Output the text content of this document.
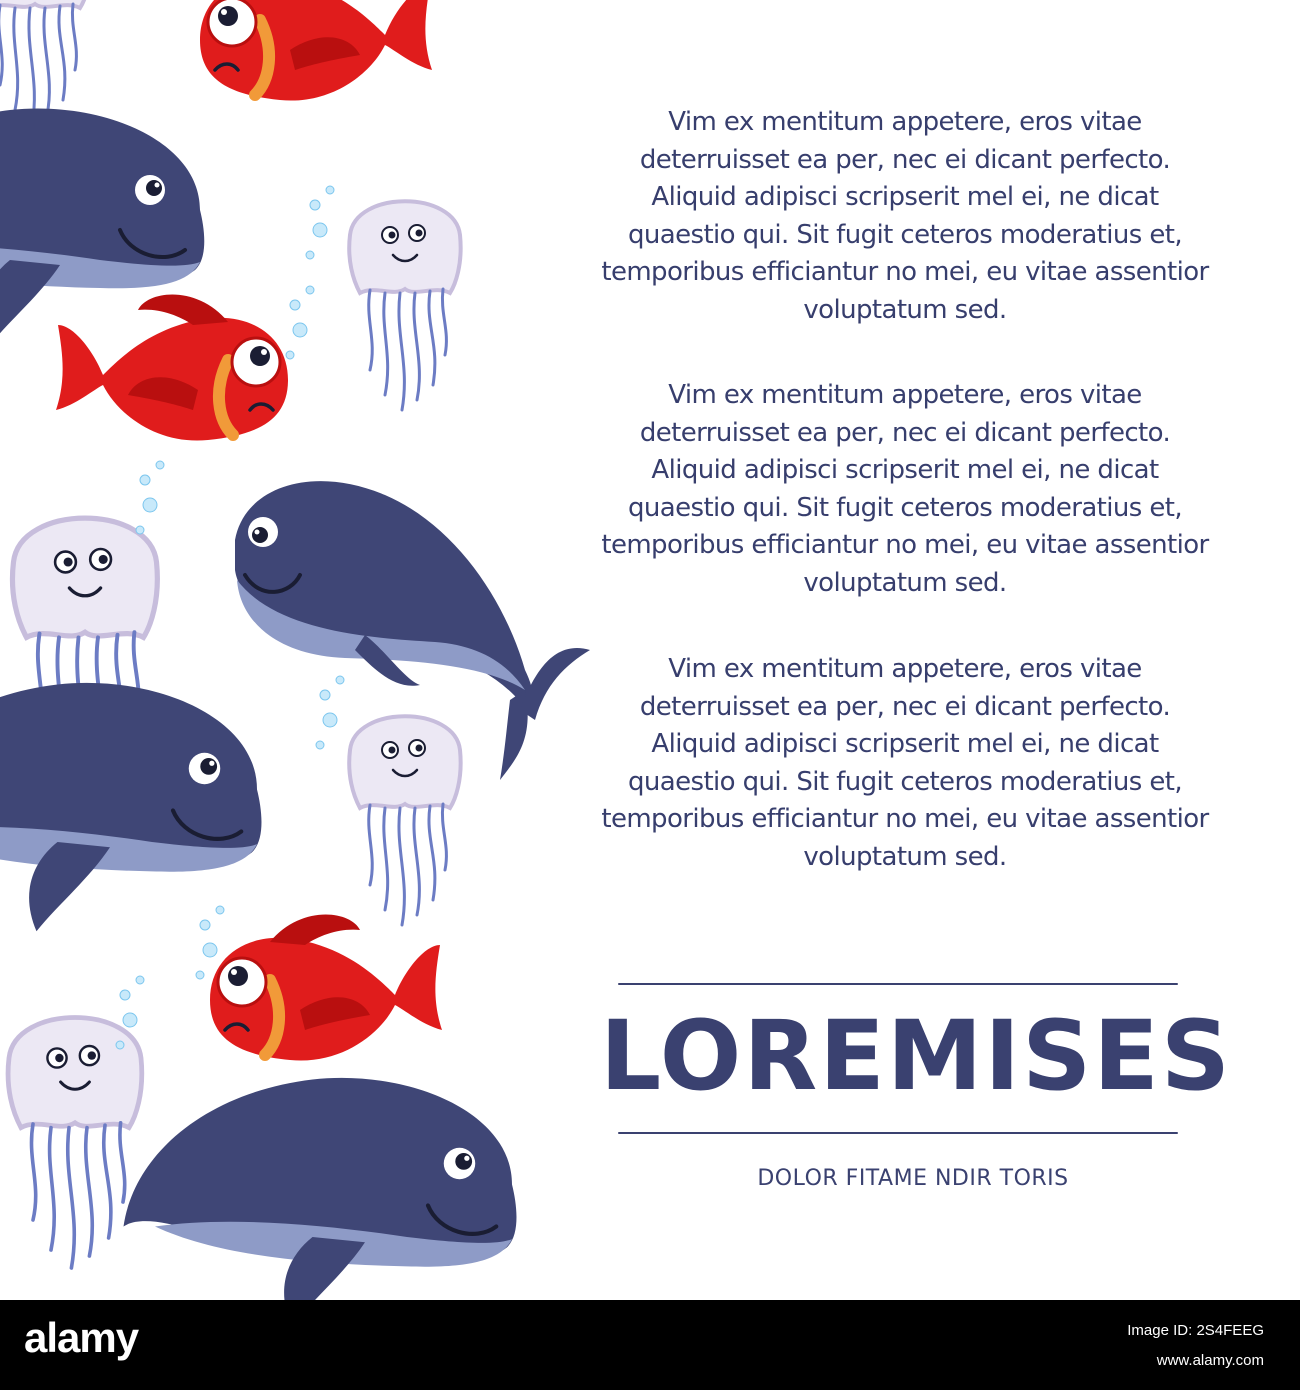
Vim ex mentitum appetere, eros vitae deterruisset ea per, nec ei dicant perfecto. Aliquid adipisci scripserit mel ei, ne dicat quaestio qui. Sit fugit ceteros moderatius et, temporibus efficiantur no mei, eu vitae assentior voluptatum sed.

Vim ex mentitum appetere, eros vitae deterruisset ea per, nec ei dicant perfecto. Aliquid adipisci scripserit mel ei, ne dicat quaestio qui. Sit fugit ceteros moderatius et, temporibus efficiantur no mei, eu vitae assentior voluptatum sed.

Vim ex mentitum appetere, eros vitae deterruisset ea per, nec ei dicant perfecto. Aliquid adipisci scripserit mel ei, ne dicat quaestio qui. Sit fugit ceteros moderatius et, temporibus efficiantur no mei, eu vitae assentior voluptatum sed.

LOREMISES
DOLOR FITAME NDIR TORIS
alamy	Image ID: 2S4FEEG
www.alamy.com
